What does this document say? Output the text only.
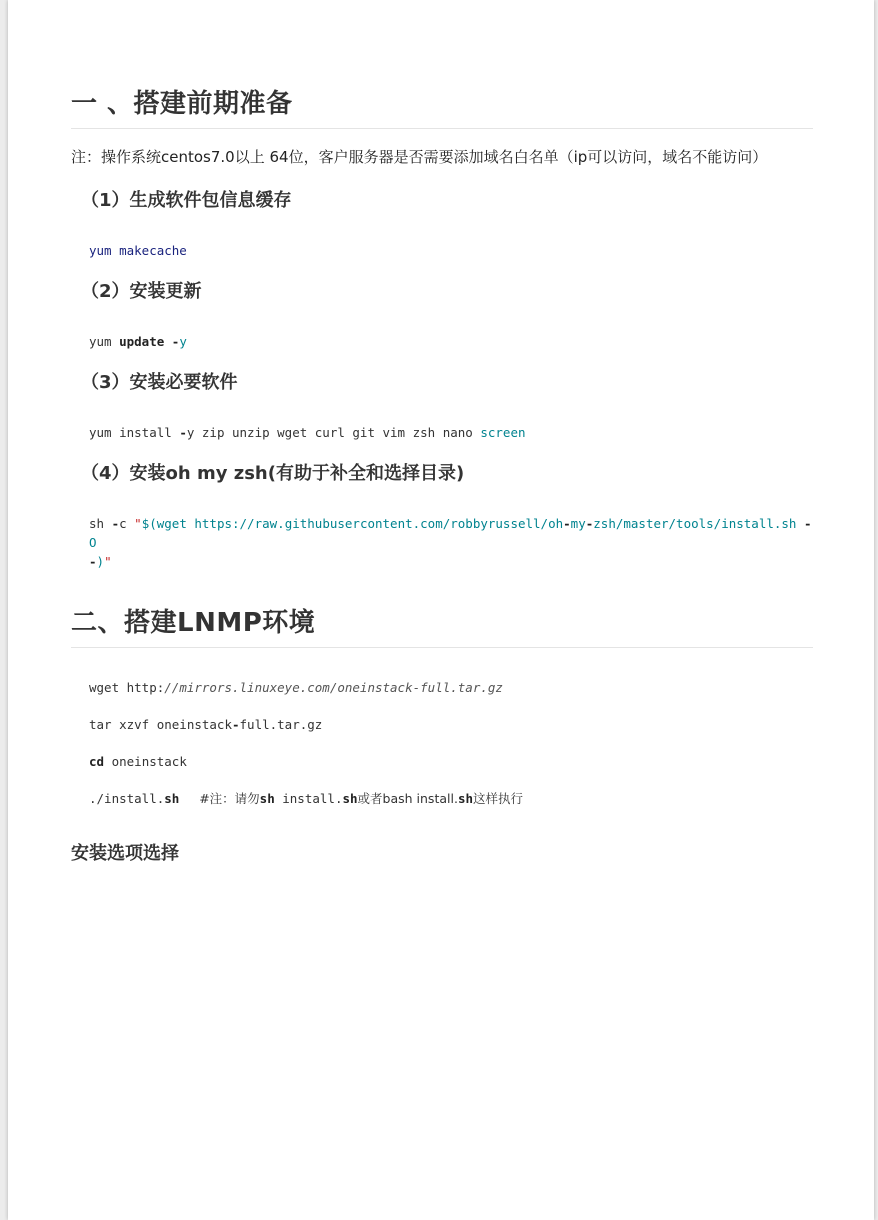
一 、搭建前期准备

注：操作系统centos7.0以上 64位，客户服务器是否需要添加域名白名单（ip可以访问，域名不能访问）

（1）生成软件包信息缓存
yum makecache
（2）安装更新
yum update -y
（3）安装必要软件
yum install -y zip unzip wget curl git vim zsh nano screen
（4）安装oh my zsh(有助于补全和选择目录)
sh -c "$(wget https://raw.githubusercontent.com/robbyrussell/oh-my-zsh/master/tools/install.sh -O
-)"
二、搭建LNMP环境
wget http://mirrors.linuxeye.com/oneinstack-full.tar.gz
tar xzvf oneinstack-full.tar.gz
cd oneinstack
./install.sh     #注：请勿sh install.sh或者bash install.sh这样执行
安装选项选择
